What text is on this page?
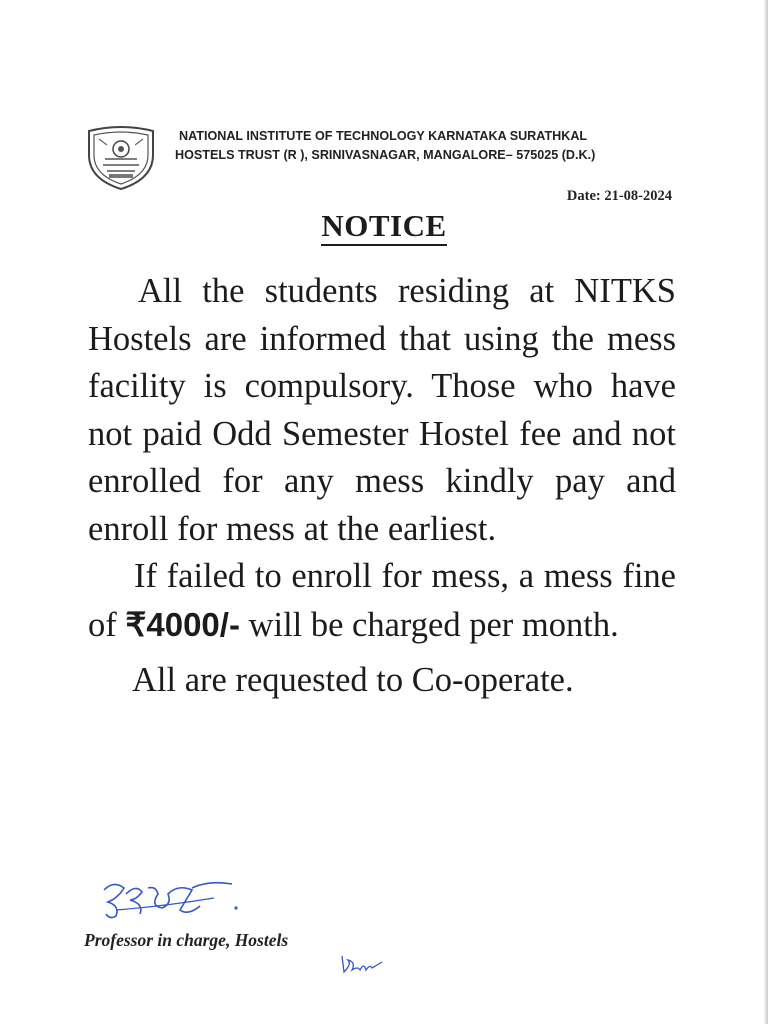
NATIONAL INSTITUTE OF TECHNOLOGY KARNATAKA SURATHKAL
HOSTELS TRUST (R ), SRINIVASNAGAR, MANGALORE– 575025 (D.K.)
Date: 21-08-2024
NOTICE

All the students residing at NITKS Hostels are informed that using the mess facility is compulsory. Those who have not paid Odd Semester Hostel fee and not enrolled for any mess kindly pay and enroll for mess at the earliest.

If failed to enroll for mess, a mess fine of ₹4000/- will be charged per month.

All are requested to Co-operate.

Professor in charge, Hostels
